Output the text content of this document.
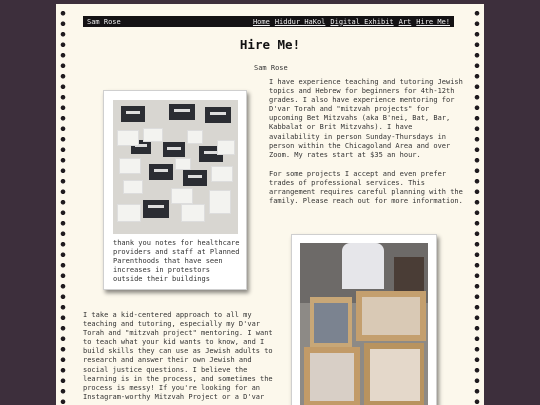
Sam Rose	Home Hiddur HaKol Digital Exhibit Art Hire Me!
Hire Me!
Sam Rose

I have experience teaching and tutoring Jewish topics and Hebrew for beginners for 4th-12th grades. I also have experience mentoring for D'var Torah and "mitzvah projects" for upcoming Bet Mitzvahs (aka B'nei, Bat, Bar, Kabbalat or Brit Mitzvahs). I have availability in person Sunday-Thursdays in person within the Chicagoland Area and over Zoom. My rates start at $35 an hour.

For some projects I accept and even prefer trades of professional services. This arrangement requires careful planning with the family. Please reach out for more information.

thank you notes for healthcare providers and staff at Planned Parenthoods that have seen increases in protestors outside their buildings

I take a kid-centered approach to all my teaching and tutoring, especially my D'var Torah and "mitzvah project" mentoring. I want to teach what your kid wants to know, and I build skills they can use as Jewish adults to research and answer their own Jewish and social justice questions. I believe the learning is in the process, and sometimes the process is messy! If you're looking for an Instagram-worthy Mitzvah Project or a D'var
